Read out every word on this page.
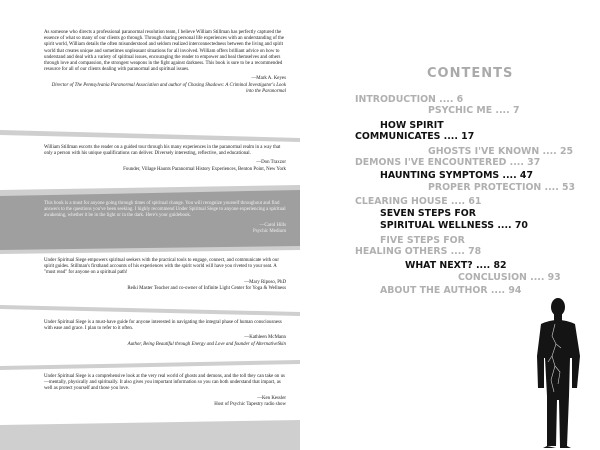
As someone who directs a professional paranormal resolution team, I believe William Stillman has perfectly captured the essence of what so many of our clients go through. Through sharing personal life experiences with an understanding of the spirit world, William details the often misunderstood and seldom realized interconnectedness between the living and spirit world that creates unique and sometimes unpleasant situations for all involved. William offers brilliant advice on how to understand and deal with a variety of spiritual issues, encouraging the reader to empower and heal themselves and others through love and compassion, the strongest weapons in the fight against darkness. This book is sure to be a recommended resource for all of our clients dealing with paranormal and spiritual issues.

—Mark A. Keyes

Director of The Pennsylvania Paranormal Association and author of Chasing Shadows: A Criminal Investigator's Look into the Paranormal

William Stillman escorts the reader on a guided tour through his many experiences in the paranormal realm in a way that only a person with his unique qualifications can deliver. Diversely interesting, reflective, and educational.

—Don Traxzor

Founder, Village Haunts Paranormal History Experiences, Benton Point, New York

This book is a must for anyone going through times of spiritual change. You will recognize yourself throughout and find answers to the questions you've been seeking. I highly recommend Under Spiritual Siege to anyone experiencing a spiritual awakening, whether it be in the light or in the dark. Here's your guidebook.

—Carol Hills

Psychic Medium

Under Spiritual Siege empowers spiritual seekers with the practical tools to engage, connect, and communicate with our spirit guides. Stillman's firsthand accounts of his experiences with the spirit world will have you riveted to your seat. A "must read" for anyone on a spiritual path!

—Mary Riposo, PhD

Reiki Master Teacher and co-owner of Infinite Light Center for Yoga & Wellness

Under Spiritual Siege is a must-have guide for anyone interested in navigating the integral phase of human consciousness with ease and grace. I plan to refer to it often.

—Kathleen McMann

Author, Being Beautiful through Energy and Love and founder of AlternativeSkin

Under Spiritual Siege is a comprehensive look at the very real world of ghosts and demons, and the toll they can take on us—mentally, physically and spiritually. It also gives you important information so you can both understand that impact, as well as protect yourself and those you love.

—Ken Kessler

Host of Psychic Tapestry radio show

CONTENTS
INTRODUCTION .... 6
PSYCHIC ME .... 7
HOW SPIRIT
COMMUNICATES .... 17
GHOSTS I'VE KNOWN .... 25
DEMONS I'VE ENCOUNTERED .... 37
HAUNTING SYMPTOMS .... 47
PROPER PROTECTION .... 53
CLEARING HOUSE .... 61
SEVEN STEPS FOR
SPIRITUAL WELLNESS .... 70
FIVE STEPS FOR
HEALING OTHERS .... 78
WHAT NEXT? .... 82
CONCLUSION .... 93
ABOUT THE AUTHOR .... 94
